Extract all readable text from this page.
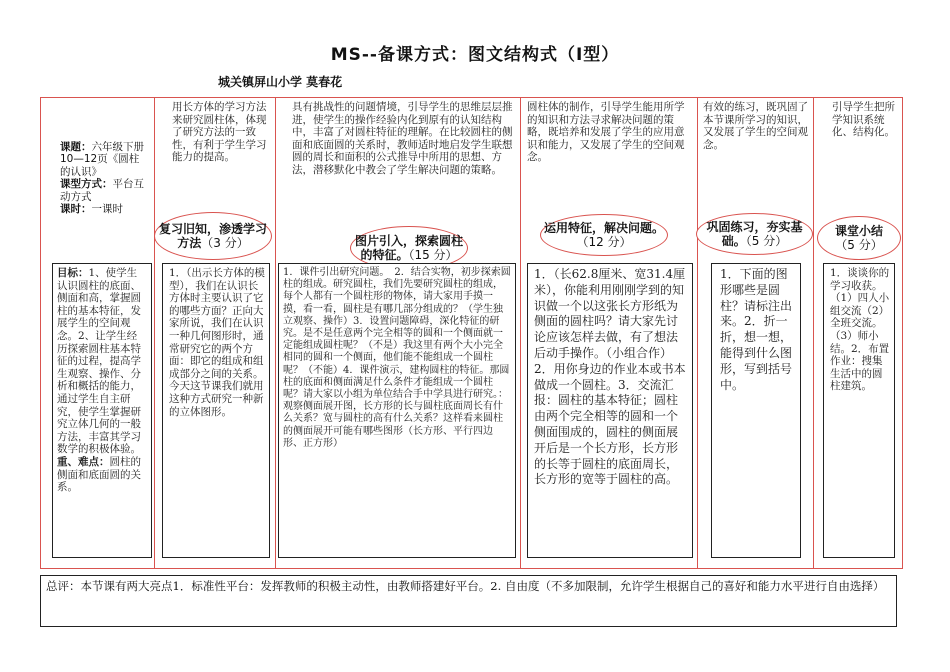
MS--备课方式：图文结构式（Ⅰ型）
城关镇屏山小学 莫春花
课题：六年级下册10—12页《圆柱的认识》
课型方式：平台互动方式
课时：一课时
用长方体的学习方法来研究圆柱体，体现了研究方法的一致性，有利于学生学习能力的提高。
具有挑战性的问题情境，引导学生的思维层层推进，使学生的操作经验内化到原有的认知结构中，丰富了对圆柱特征的理解。在比较圆柱的侧面和底面圆的关系时，教师适时地启发学生联想圆的周长和面积的公式推导中所用的思想、方法，潜移默化中教会了学生解决问题的策略。
圆柱体的制作，引导学生能用所学的知识和方法寻求解决问题的策略，既培养和发展了学生的应用意识和能力，又发展了学生的空间观念。
有效的练习，既巩固了本节课所学习的知识，又发展了学生的空间观念。
引导学生把所学知识系统化、结构化。
复习旧知，渗透学习方法（3 分）	图片引入，探索圆柱的特征。（15 分）
运用特征，解决问题。（12 分）
巩固练习，夯实基础。（5 分）
课堂小结
（5 分）
目标：1、使学生认识圆柱的底面、侧面和高，掌握圆柱的基本特征，发展学生的空间观念。2、让学生经历探索圆柱基本特征的过程，提高学生观察、操作、分析和概括的能力，通过学生自主研究，使学生掌握研究立体几何的一般方法，丰富其学习数学的积极体验。重、难点：圆柱的侧面和底面圆的关系。
1．（出示长方体的模型），我们在认识长方体时主要认识了它的哪些方面？正向大家所说，我们在认识一种几何图形时，通常研究它的两个方面：即它的组成和组成部分之间的关系。今天这节课我们就用这种方式研究一种新的立体图形。
1．课件引出研究问题。　2．结合实物，初步探索圆柱的组成。研究圆柱，我们先要研究圆柱的组成，每个人都有一个圆柱形的物体，请大家用手摸一摸，看一看，圆柱是有哪几部分组成的？（学生独立观察、操作）3．设置问题障碍，深化特征的研究。是不是任意两个完全相等的圆和一个侧面就一定能组成圆柱呢？（不是）我这里有两个大小完全相同的圆和一个侧面，他们能不能组成一个圆柱呢？（不能）4．课件演示，建构圆柱的特征。那圆柱的底面和侧面满足什么条件才能组成一个圆柱呢？请大家以小组为单位结合手中学具进行研究。：观察侧面展开图，长方形的长与圆柱底面周长有什么关系？宽与圆柱的高有什么关系？这样看来圆柱的侧面展开可能有哪些图形（长方形、平行四边形、正方形）
1．（长62.8厘米、宽31.4厘米），你能利用刚刚学到的知识做一个以这张长方形纸为侧面的圆柱吗？请大家先讨论应该怎样去做，有了想法后动手操作。（小组合作）2．用你身边的作业本或书本做成一个圆柱。3．交流汇报：圆柱的基本特征；圆柱由两个完全相等的圆和一个侧面围成的，圆柱的侧面展开后是一个长方形，长方形的长等于圆柱的底面周长，长方形的宽等于圆柱的高。
1．下面的图形哪些是圆柱？请标注出来。2．折一折，想一想，能得到什么图形，写到括号中。
1．谈谈你的学习收获。（1）四人小组交流（2）全班交流。（3）师小结。2．布置作业：搜集生活中的圆柱建筑。
总评：本节课有两大亮点1．标准性平台：发挥教师的积极主动性，由教师搭建好平台。2. 自由度（不多加限制，允许学生根据自己的喜好和能力水平进行自由选择）
